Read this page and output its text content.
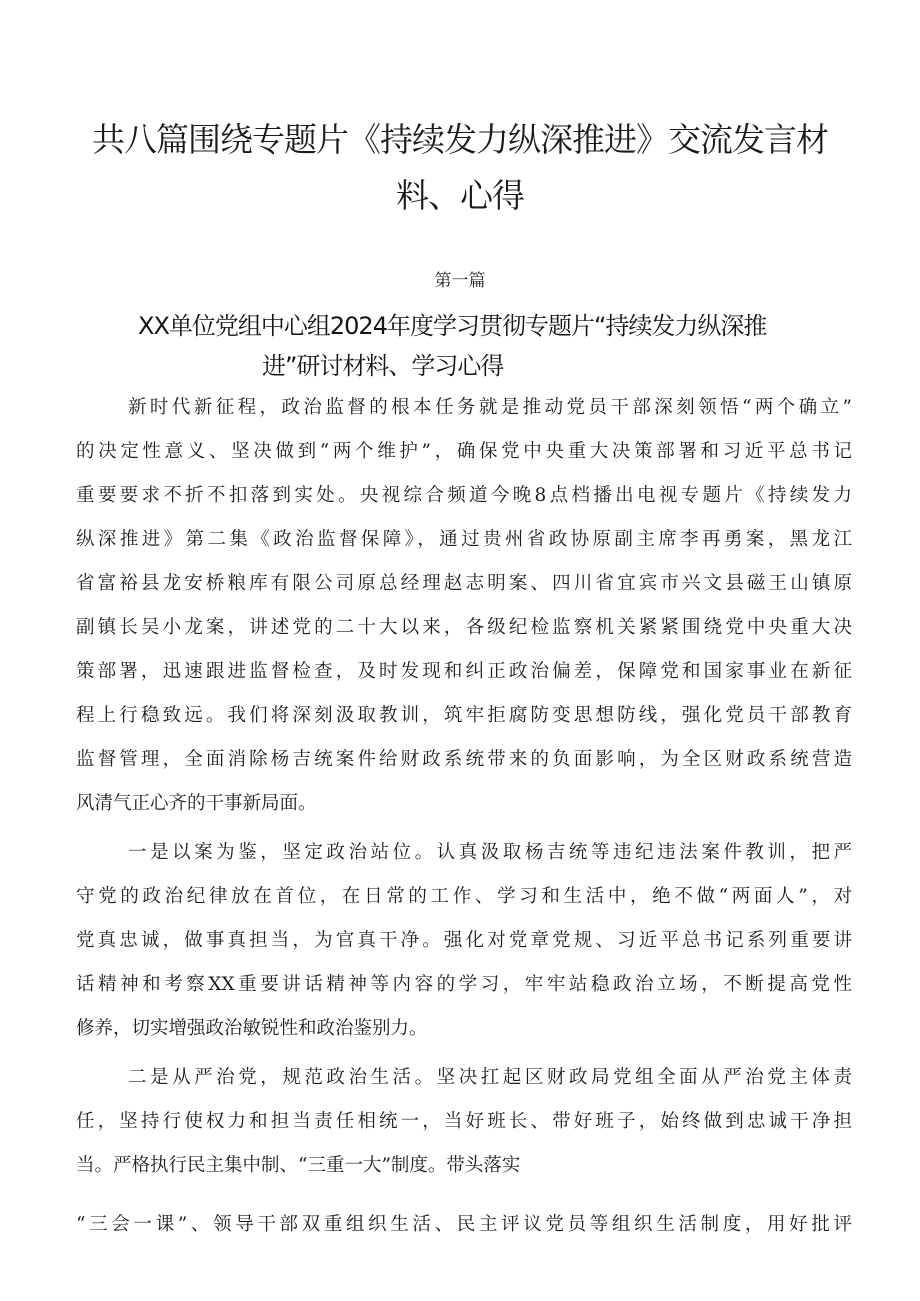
共八篇围绕专题片《持续发力纵深推进》交流发言材
料、心得
第一篇
XX单位党组中心组2024年度学习贯彻专题片“持续发力纵深推
进”研讨材料、学习心得
新时代新征程，政治监督的根本任务就是推动党员干部深刻领悟“两个确立”
的决定性意义、坚决做到“两个维护”，确保党中央重大决策部署和习近平总书记
重要要求不折不扣落到实处。央视综合频道今晚8点档播出电视专题片《持续发力
纵深推进》第二集《政治监督保障》，通过贵州省政协原副主席李再勇案，黑龙江
省富裕县龙安桥粮库有限公司原总经理赵志明案、四川省宜宾市兴文县磁王山镇原
副镇长吴小龙案，讲述党的二十大以来，各级纪检监察机关紧紧围绕党中央重大决
策部署，迅速跟进监督检查，及时发现和纠正政治偏差，保障党和国家事业在新征
程上行稳致远。我们将深刻汲取教训，筑牢拒腐防变思想防线，强化党员干部教育
监督管理，全面消除杨吉统案件给财政系统带来的负面影响，为全区财政系统营造
风清气正心齐的干事新局面。
一是以案为鉴，坚定政治站位。认真汲取杨吉统等违纪违法案件教训，把严
守党的政治纪律放在首位，在日常的工作、学习和生活中，绝不做“两面人”，对
党真忠诚，做事真担当，为官真干净。强化对党章党规、习近平总书记系列重要讲
话精神和考察XX重要讲话精神等内容的学习，牢牢站稳政治立场，不断提高党性
修养，切实增强政治敏锐性和政治鉴别力。
二是从严治党，规范政治生活。坚决扛起区财政局党组全面从严治党主体责
任，坚持行使权力和担当责任相统一，当好班长、带好班子，始终做到忠诚干净担
当。严格执行民主集中制、“三重一大”制度。带头落实
“三会一课”、领导干部双重组织生活、民主评议党员等组织生活制度，用好批评
